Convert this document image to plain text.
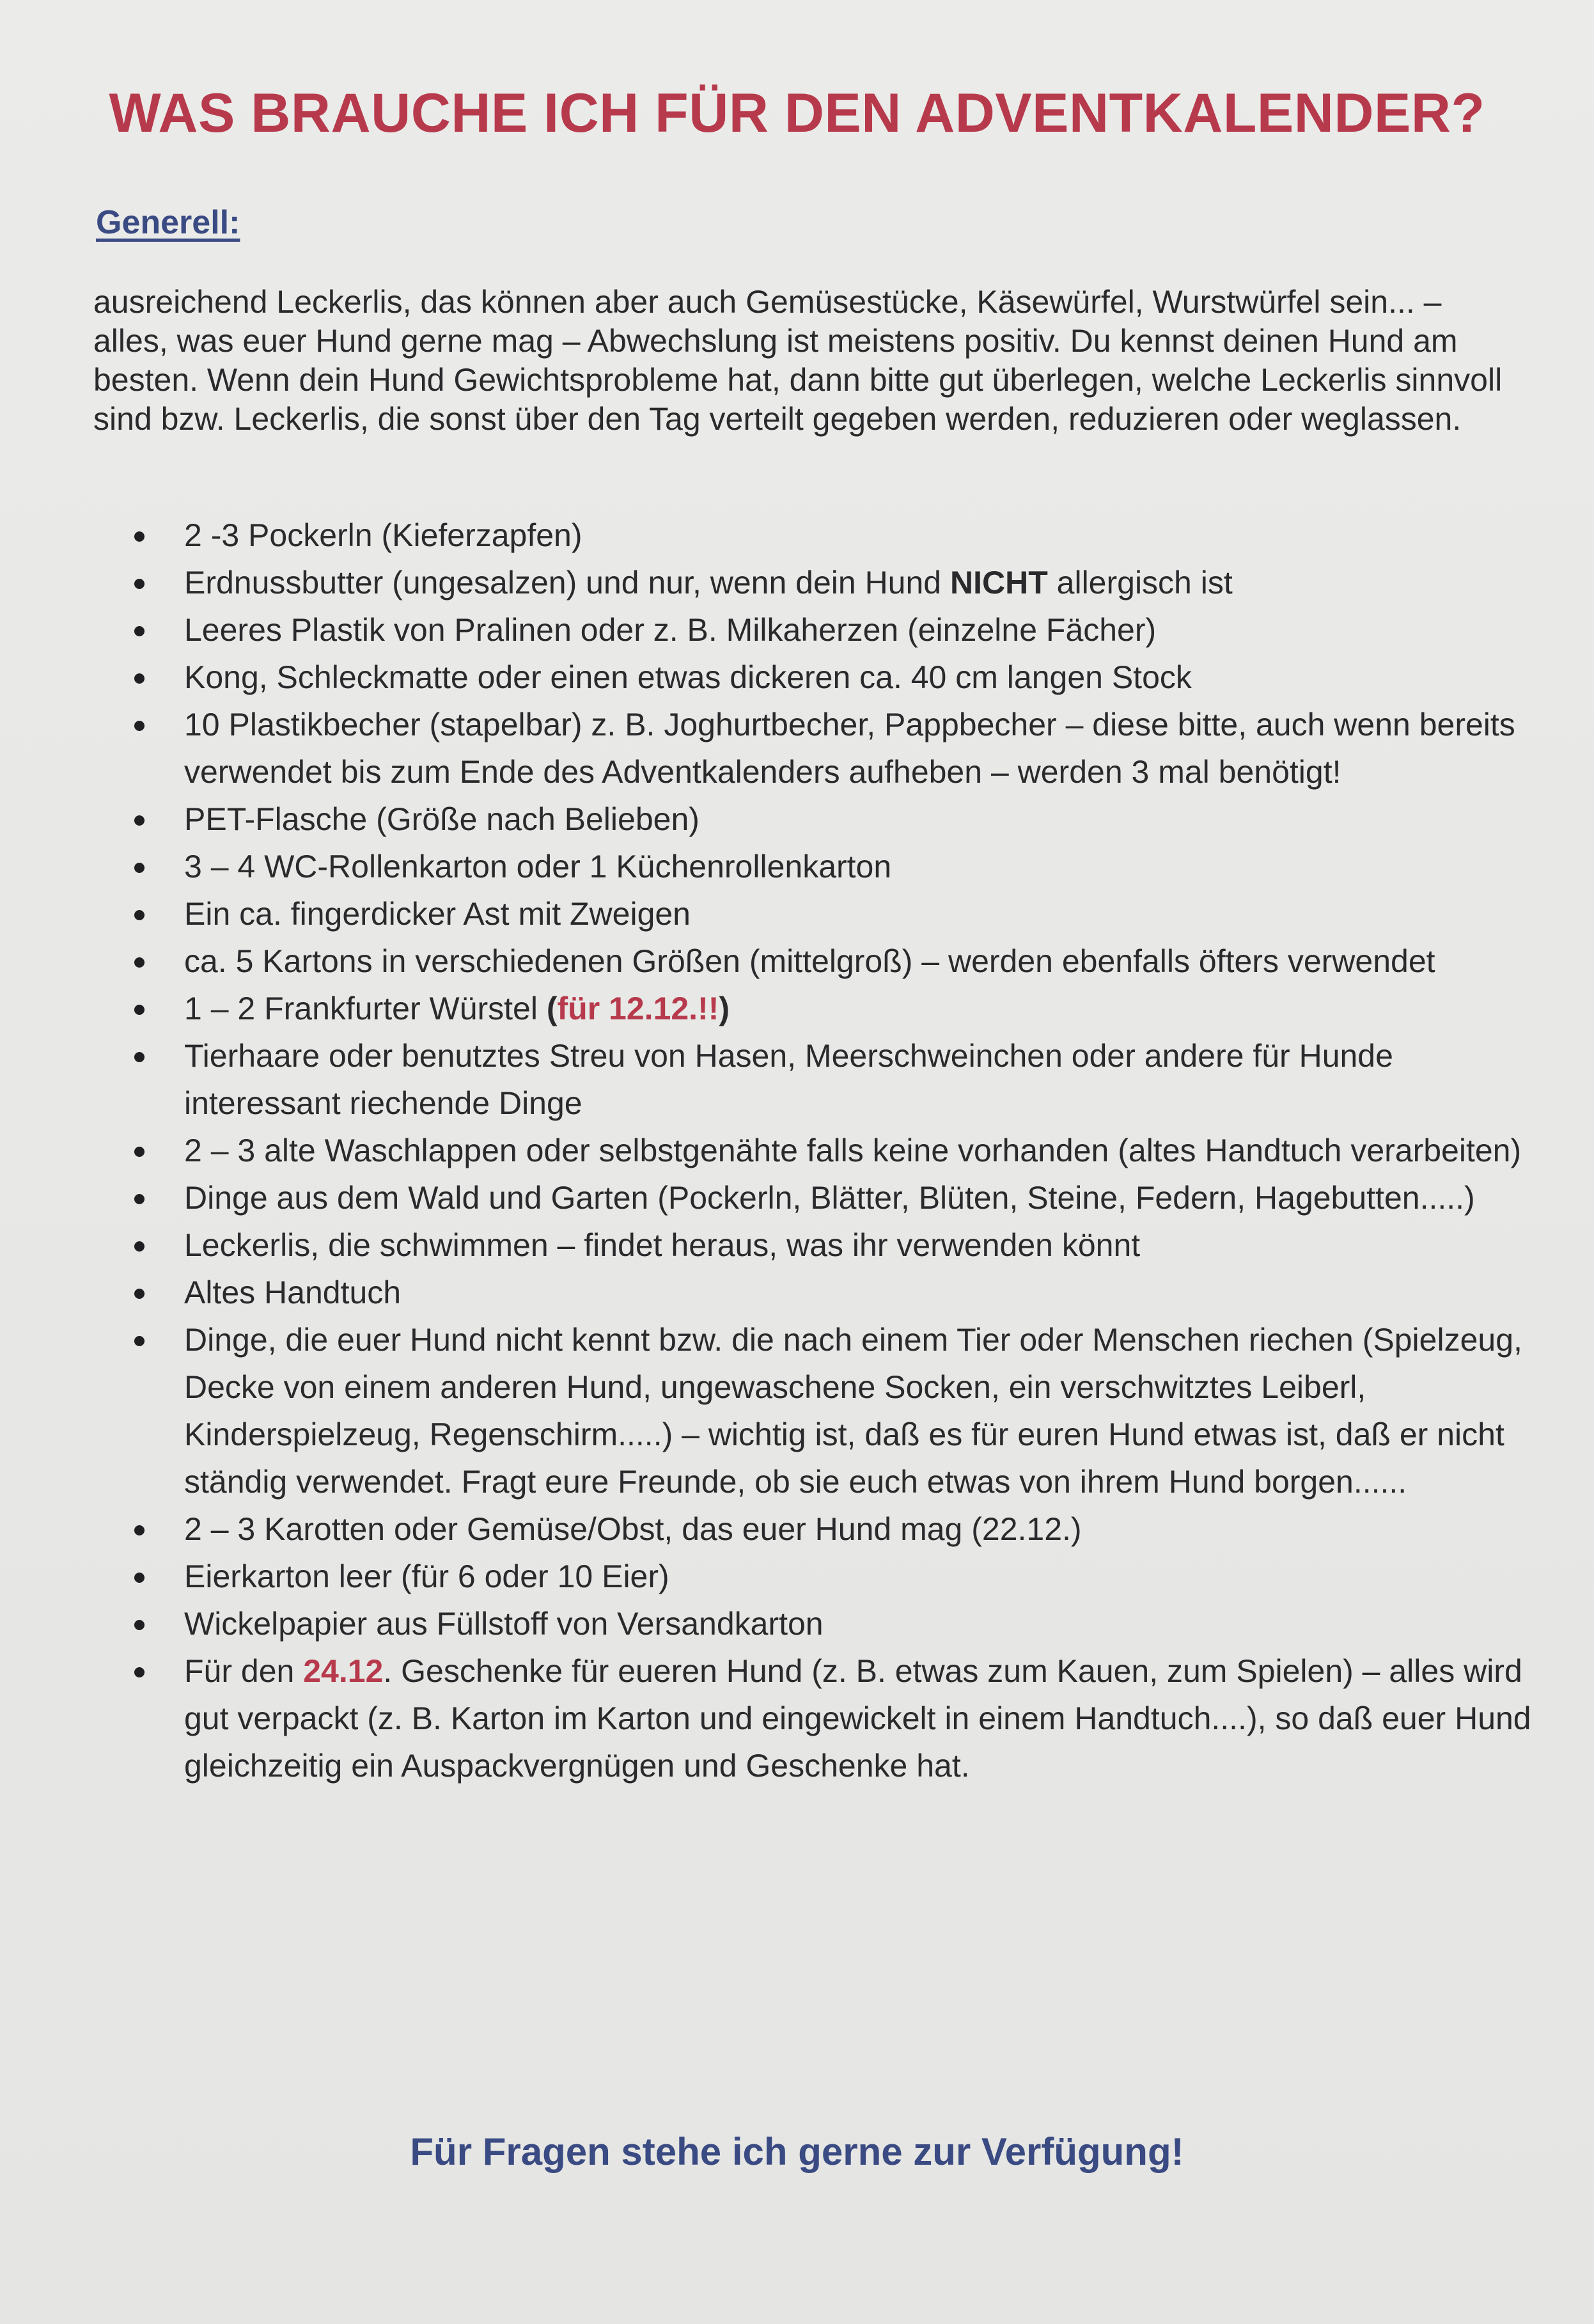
WAS BRAUCHE ICH FÜR DEN ADVENTKALENDER?
Generell:

ausreichend Leckerlis, das können aber auch Gemüsestücke, Käsewürfel, Wurstwürfel sein... – alles, was euer Hund gerne mag – Abwechslung ist meistens positiv. Du kennst deinen Hund am besten. Wenn dein Hund Gewichtsprobleme hat, dann bitte gut überlegen, welche Leckerlis sinnvoll sind bzw. Leckerlis, die sonst über den Tag verteilt gegeben werden, reduzieren oder weglassen.

2 -3 Pockerln (Kieferzapfen)
Erdnussbutter (ungesalzen) und nur, wenn dein Hund NICHT allergisch ist
Leeres Plastik von Pralinen oder z. B. Milkaherzen (einzelne Fächer)
Kong, Schleckmatte oder einen etwas dickeren ca. 40 cm langen Stock
10 Plastikbecher (stapelbar) z. B. Joghurtbecher, Pappbecher – diese bitte, auch wenn bereits verwendet bis zum Ende des Adventkalenders aufheben – werden 3 mal benötigt!
PET-Flasche (Größe nach Belieben)
3 – 4 WC-Rollenkarton oder 1 Küchenrollenkarton
Ein ca. fingerdicker Ast mit Zweigen
ca. 5 Kartons in verschiedenen Größen (mittelgroß) – werden ebenfalls öfters verwendet
1 – 2 Frankfurter Würstel (für 12.12.!!)
Tierhaare oder benutztes Streu von Hasen, Meerschweinchen oder andere für Hunde interessant riechende Dinge
2 – 3 alte Waschlappen oder selbstgenähte falls keine vorhanden (altes Handtuch verarbeiten)
Dinge aus dem Wald und Garten (Pockerln, Blätter, Blüten, Steine, Federn, Hagebutten.....)
Leckerlis, die schwimmen – findet heraus, was ihr verwenden könnt
Altes Handtuch
Dinge, die euer Hund nicht kennt bzw. die nach einem Tier oder Menschen riechen (Spielzeug, Decke von einem anderen Hund, ungewaschene Socken, ein verschwitztes Leiberl, Kinderspielzeug, Regenschirm.....) – wichtig ist, daß es für euren Hund etwas ist, daß er nicht ständig verwendet. Fragt eure Freunde, ob sie euch etwas von ihrem Hund borgen......
2 – 3 Karotten oder Gemüse/Obst, das euer Hund mag (22.12.)
Eierkarton leer (für 6 oder 10 Eier)
Wickelpapier aus Füllstoff von Versandkarton
Für den 24.12. Geschenke für eueren Hund (z. B. etwas zum Kauen, zum Spielen) – alles wird gut verpackt (z. B. Karton im Karton und eingewickelt in einem Handtuch....), so daß euer Hund gleichzeitig ein Auspackvergnügen und Geschenke hat.

Für Fragen stehe ich gerne zur Verfügung!
